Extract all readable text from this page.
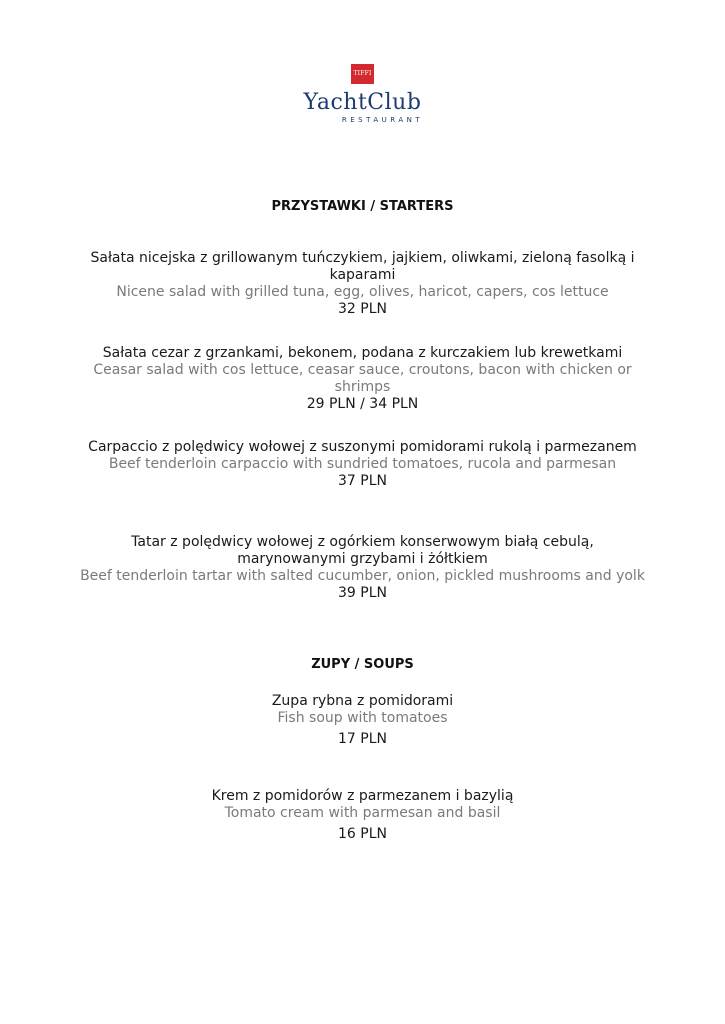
TIFFI
YachtClub
RESTAURANT
PRZYSTAWKI / STARTERS
Sałata nicejska z grillowanym tuńczykiem, jajkiem, oliwkami, zieloną fasolką i kaparami
Nicene salad with grilled tuna, egg, olives, haricot, capers, cos lettuce
32 PLN
Sałata cezar z grzankami, bekonem, podana z kurczakiem lub krewetkami
Ceasar salad with cos lettuce, ceasar sauce, croutons, bacon with chicken or shrimps
29 PLN / 34 PLN
Carpaccio z polędwicy wołowej z suszonymi pomidorami rukolą i parmezanem
Beef tenderloin carpaccio with sundried tomatoes, rucola and parmesan
37 PLN
Tatar z polędwicy wołowej z ogórkiem konserwowym białą cebulą, marynowanymi grzybami i żółtkiem
Beef tenderloin tartar with salted cucumber, onion, pickled mushrooms and yolk
39 PLN
ZUPY / SOUPS
Zupa rybna z pomidorami
Fish soup with tomatoes
17 PLN
Krem z pomidorów z parmezanem i bazylią
Tomato cream with parmesan and basil
16 PLN
